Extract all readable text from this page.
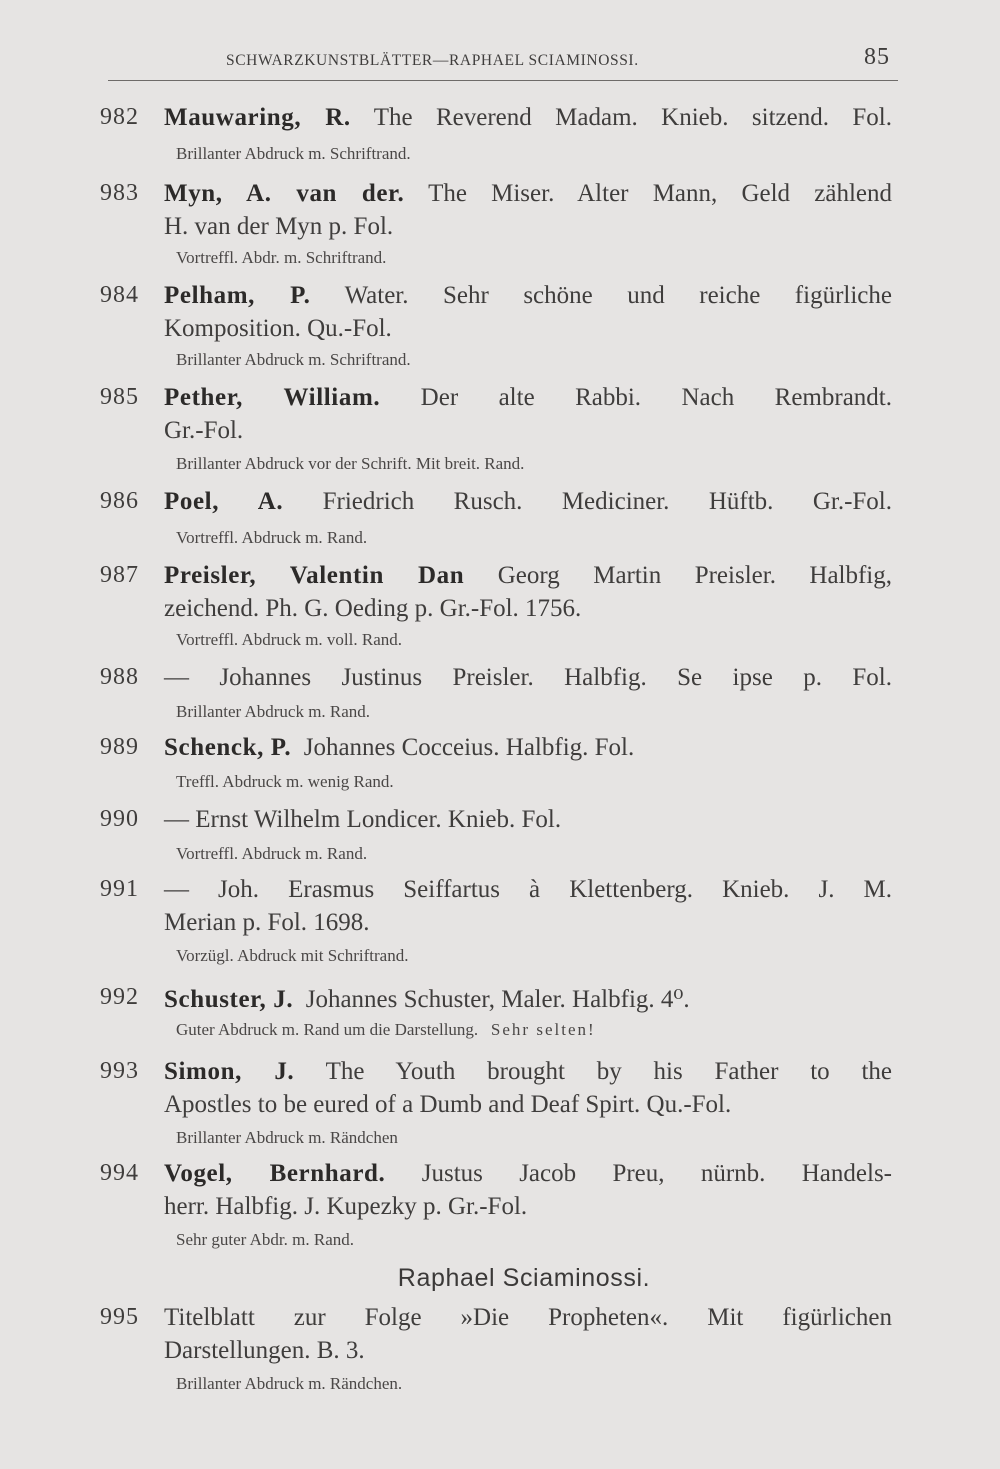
SCHWARZKUNSTBLÄTTER—RAPHAEL SCIAMINOSSI.	85
982 Mauwaring, R. The Reverend Madam. Knieb. sitzend. Fol.
Brillanter Abdruck m. Schriftrand.
983 Myn, A. van der. The Miser. Alter Mann, Geld zählend
H. van der Myn p. Fol.
Vortreffl. Abdr. m. Schriftrand.
984 Pelham, P. Water. Sehr schöne und reiche figürliche
Komposition. Qu.-Fol.
Brillanter Abdruck m. Schriftrand.
985 Pether, William. Der alte Rabbi. Nach Rembrandt.
Gr.-Fol.
Brillanter Abdruck vor der Schrift. Mit breit. Rand.
986 Poel, A. Friedrich Rusch. Mediciner. Hüftb. Gr.-Fol.
Vortreffl. Abdruck m. Rand.
987 Preisler, Valentin Dan Georg Martin Preisler. Halbfig,
zeichend. Ph. G. Oeding p. Gr.-Fol. 1756.
Vortreffl. Abdruck m. voll. Rand.
988 — Johannes Justinus Preisler. Halbfig. Se ipse p. Fol.
Brillanter Abdruck m. Rand.
989 Schenck, P. Johannes Cocceius. Halbfig. Fol.
Treffl. Abdruck m. wenig Rand.
990 — Ernst Wilhelm Londicer. Knieb. Fol.
Vortreffl. Abdruck m. Rand.
991 — Joh. Erasmus Seiffartus à Klettenberg. Knieb. J. M.
Merian p. Fol. 1698.
Vorzügl. Abdruck mit Schriftrand.
992 Schuster, J. Johannes Schuster, Maler. Halbfig. 4⁰.
Guter Abdruck m. Rand um die Darstellung. Sehr selten!
993 Simon, J. The Youth brought by his Father to the
Apostles to be eured of a Dumb and Deaf Spirt. Qu.-Fol.
Brillanter Abdruck m. Rändchen
994 Vogel, Bernhard. Justus Jacob Preu, nürnb. Handels-
herr. Halbfig. J. Kupezky p. Gr.-Fol.
Sehr guter Abdr. m. Rand.
Raphael Sciaminossi.
995 Titelblatt zur Folge »Die Propheten«. Mit figürlichen
Darstellungen. B. 3.
Brillanter Abdruck m. Rändchen.
